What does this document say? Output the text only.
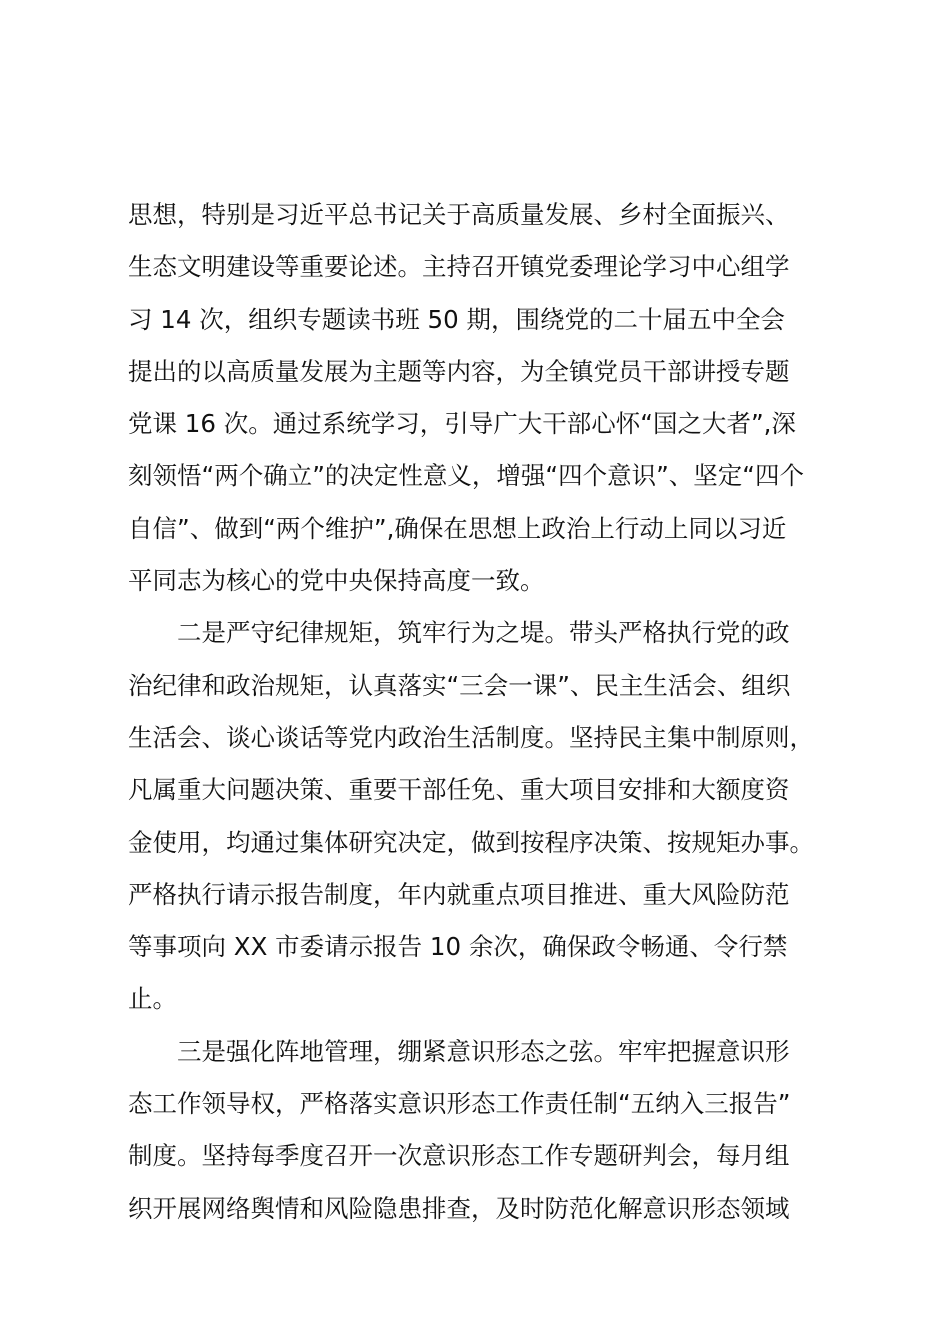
思想，特别是习近平总书记关于高质量发展、乡村全面振兴、
生态文明建设等重要论述。主持召开镇党委理论学习中心组学
习 14 次，组织专题读书班 50 期，围绕党的二十届五中全会
提出的以高质量发展为主题等内容，为全镇党员干部讲授专题
党课 16 次。通过系统学习，引导广大干部心怀“国之大者”,深
刻领悟“两个确立”的决定性意义，增强“四个意识”、坚定“四个
自信”、做到“两个维护”,确保在思想上政治上行动上同以习近
平同志为核心的党中央保持高度一致。
　　二是严守纪律规矩，筑牢行为之堤。带头严格执行党的政
治纪律和政治规矩，认真落实“三会一课”、民主生活会、组织
生活会、谈心谈话等党内政治生活制度。坚持民主集中制原则，
凡属重大问题决策、重要干部任免、重大项目安排和大额度资
金使用，均通过集体研究决定，做到按程序决策、按规矩办事。
严格执行请示报告制度，年内就重点项目推进、重大风险防范
等事项向 XX 市委请示报告 10 余次，确保政令畅通、令行禁
止。
　　三是强化阵地管理，绷紧意识形态之弦。牢牢把握意识形
态工作领导权，严格落实意识形态工作责任制“五纳入三报告”
制度。坚持每季度召开一次意识形态工作专题研判会，每月组
织开展网络舆情和风险隐患排查，及时防范化解意识形态领域
